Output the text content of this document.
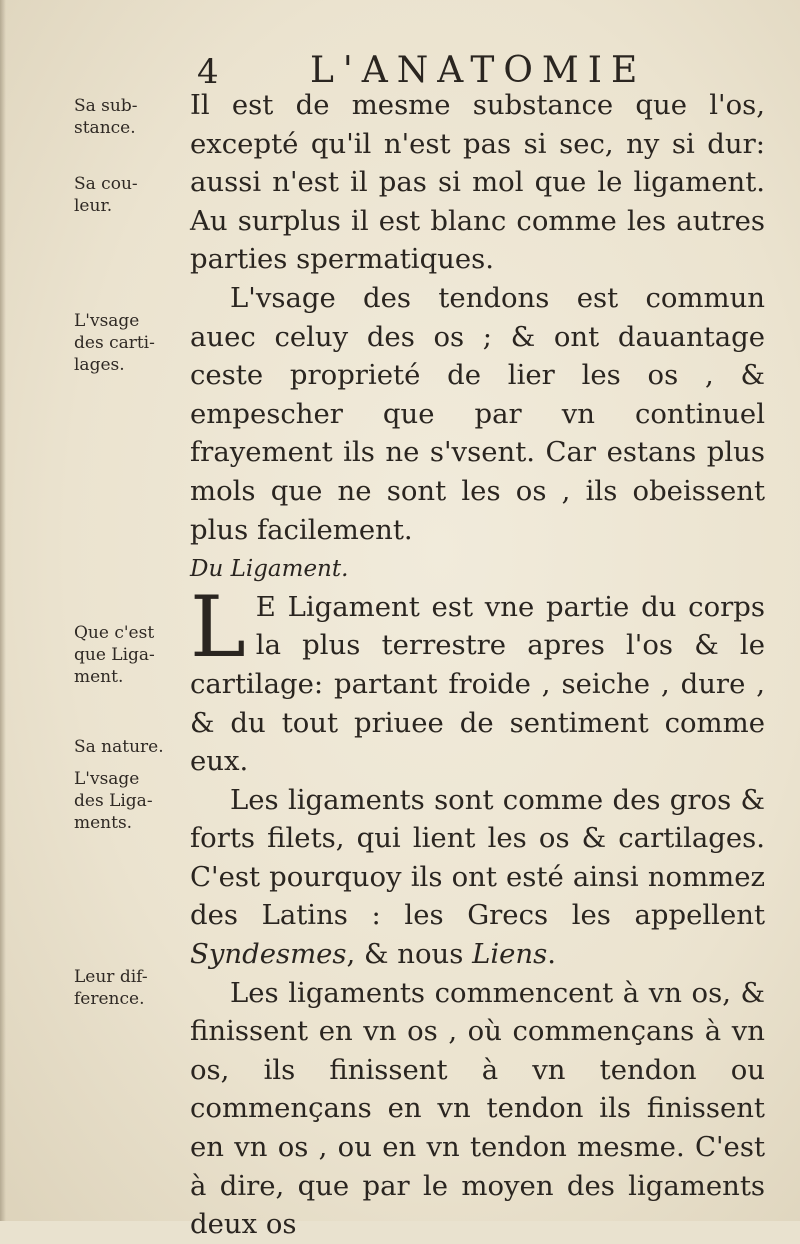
4	L'ANATOMIE
Sa sub-
stance.
Sa cou-
leur.
L'vsage
des carti-
lages.
Que c'est
que Liga-
ment.
Sa nature.
L'vsage
des Liga-
ments.
Leur dif-
ference.

Il est de mesme substance que l'os, excepté qu'il n'est pas si sec, ny si dur: aussi n'est il pas si mol que le ligament. Au surplus il est blanc comme les autres parties spermatiques.

L'vsage des tendons est commun auec celuy des os ; & ont dauantage ceste proprieté de lier les os , & empescher que par vn continuel frayement ils ne s'vsent. Car estans plus mols que ne sont les os , ils obeissent plus facilement.

Du Ligament.

L E Ligament est vne partie du corps la plus terrestre apres l'os & le cartilage: partant froide , seiche , dure , & du tout priuee de sentiment comme eux.

Les ligaments sont comme des gros & forts filets, qui lient les os & cartilages. C'est pourquoy ils ont esté ainsi nommez des Latins : les Grecs les appellent Syndesmes, & nous Liens.

Les ligaments commencent à vn os, & finissent en vn os , où commençans à vn os, ils finissent à vn tendon ou commençans en vn tendon ils finissent en vn os , ou en vn tendon mesme. C'est à dire, que par le moyen des ligaments deux os
